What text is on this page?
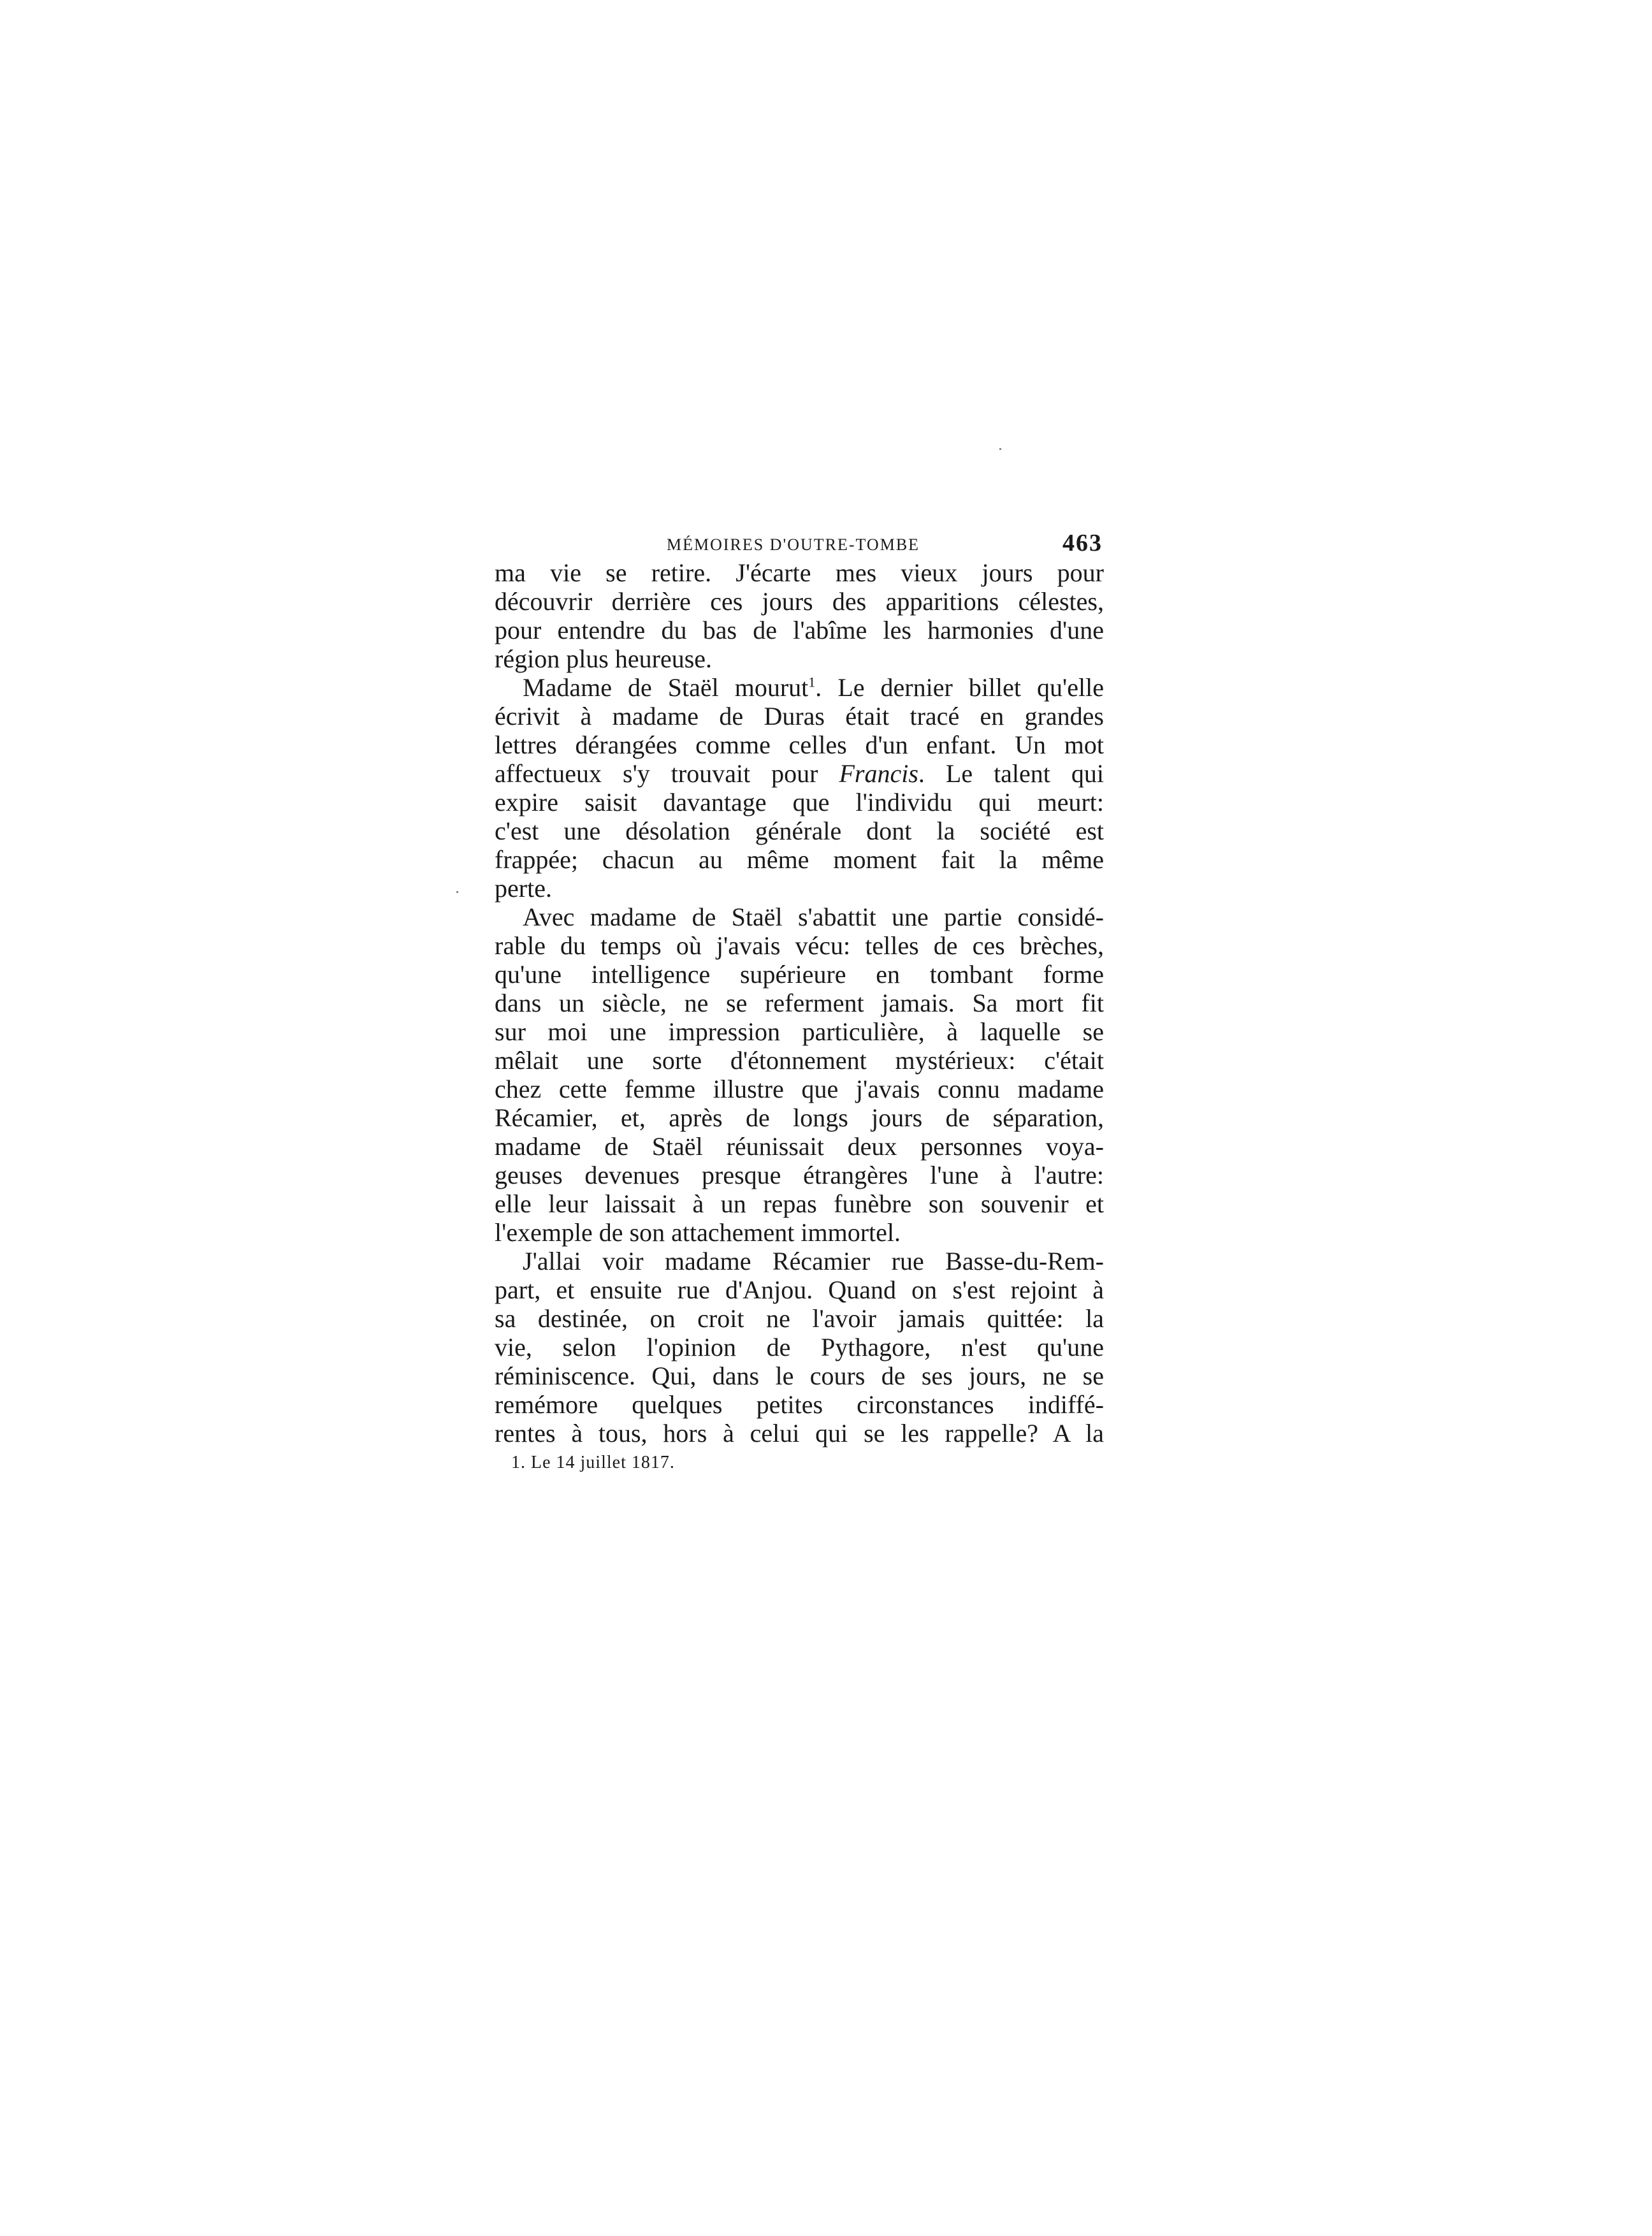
MÉMOIRES D'OUTRE-TOMBE	463
ma vie se retire. J'écarte mes vieux jours pour
découvrir derrière ces jours des apparitions célestes,
pour entendre du bas de l'abîme les harmonies d'une
région plus heureuse.
Madame de Staël mourut$^1$. Le dernier billet qu'elle
écrivit à madame de Duras était tracé en grandes
lettres dérangées comme celles d'un enfant. Un mot
affectueux s'y trouvait pour Francis. Le talent qui
expire saisit davantage que l'individu qui meurt:
c'est une désolation générale dont la société est
frappée; chacun au même moment fait la même
perte.
Avec madame de Staël s'abattit une partie considé-
rable du temps où j'avais vécu: telles de ces brèches,
qu'une intelligence supérieure en tombant forme
dans un siècle, ne se referment jamais. Sa mort fit
sur moi une impression particulière, à laquelle se
mêlait une sorte d'étonnement mystérieux: c'était
chez cette femme illustre que j'avais connu madame
Récamier, et, après de longs jours de séparation,
madame de Staël réunissait deux personnes voya-
geuses devenues presque étrangères l'une à l'autre:
elle leur laissait à un repas funèbre son souvenir et
l'exemple de son attachement immortel.
J'allai voir madame Récamier rue Basse-du-Rem-
part, et ensuite rue d'Anjou. Quand on s'est rejoint à
sa destinée, on croit ne l'avoir jamais quittée: la
vie, selon l'opinion de Pythagore, n'est qu'une
réminiscence. Qui, dans le cours de ses jours, ne se
remémore quelques petites circonstances indiffé-
rentes à tous, hors à celui qui se les rappelle? A la
1. Le 14 juillet 1817.
